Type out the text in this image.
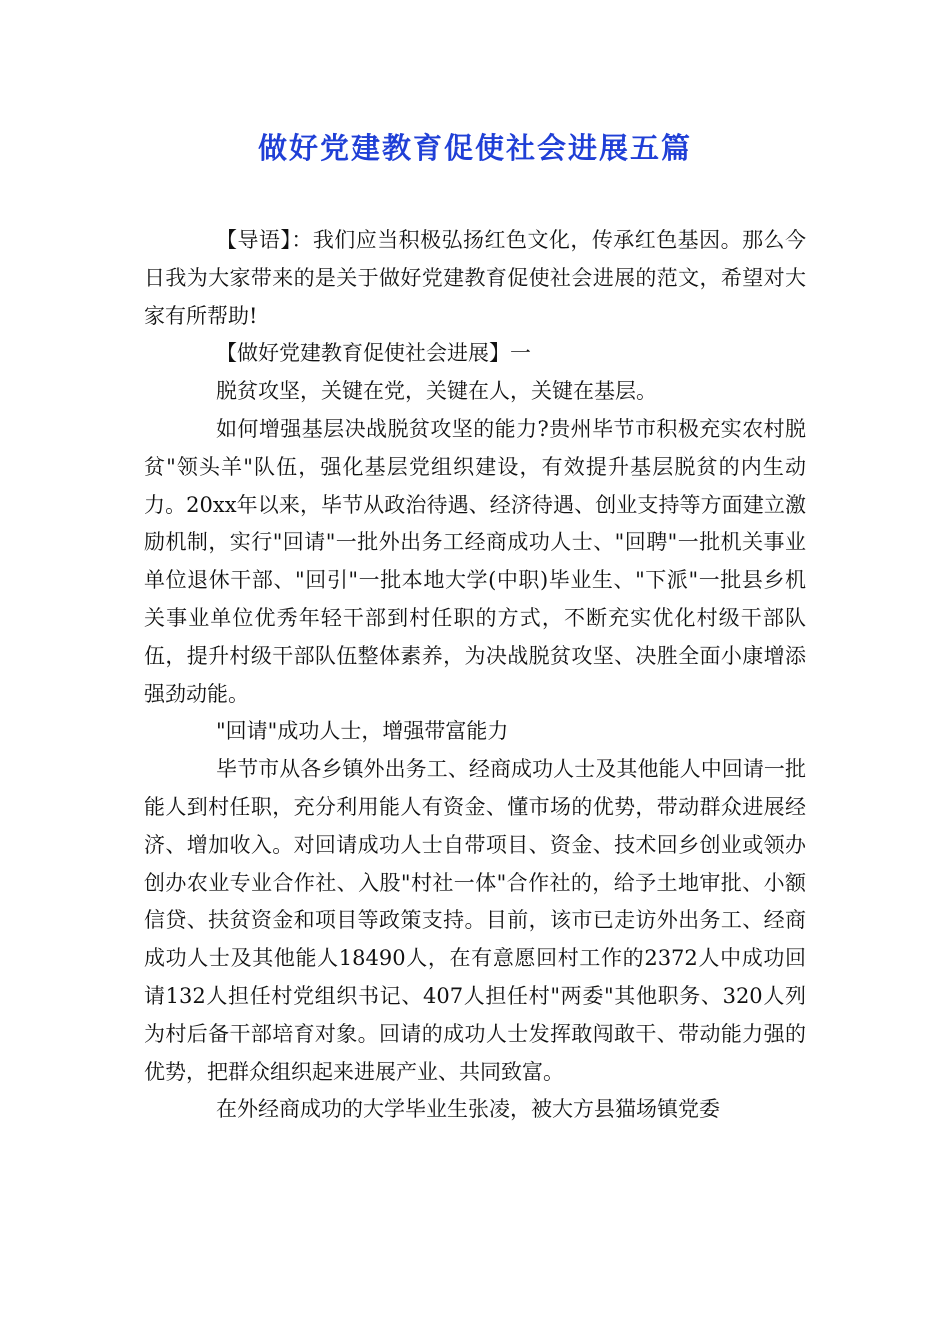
做好党建教育促使社会进展五篇

【导语】：我们应当积极弘扬红色文化，传承红色基因。那么今日我为大家带来的是关于做好党建教育促使社会进展的范文，希望对大家有所帮助!

【做好党建教育促使社会进展】一

脱贫攻坚，关键在党，关键在人，关键在基层。

如何增强基层决战脱贫攻坚的能力?贵州毕节市积极充实农村脱贫"领头羊"队伍，强化基层党组织建设，有效提升基层脱贫的内生动力。20xx年以来，毕节从政治待遇、经济待遇、创业支持等方面建立激励机制，实行"回请"一批外出务工经商成功人士、"回聘"一批机关事业单位退休干部、"回引"一批本地大学(中职)毕业生、"下派"一批县乡机关事业单位优秀年轻干部到村任职的方式，不断充实优化村级干部队伍，提升村级干部队伍整体素养，为决战脱贫攻坚、决胜全面小康增添强劲动能。

"回请"成功人士，增强带富能力

毕节市从各乡镇外出务工、经商成功人士及其他能人中回请一批能人到村任职，充分利用能人有资金、懂市场的优势，带动群众进展经济、增加收入。对回请成功人士自带项目、资金、技术回乡创业或领办创办农业专业合作社、入股"村社一体"合作社的，给予土地审批、小额信贷、扶贫资金和项目等政策支持。目前，该市已走访外出务工、经商成功人士及其他能人18490人，在有意愿回村工作的2372人中成功回请132人担任村党组织书记、407人担任村"两委"其他职务、320人列为村后备干部培育对象。回请的成功人士发挥敢闯敢干、带动能力强的优势，把群众组织起来进展产业、共同致富。

在外经商成功的大学毕业生张凌，被大方县猫场镇党委
